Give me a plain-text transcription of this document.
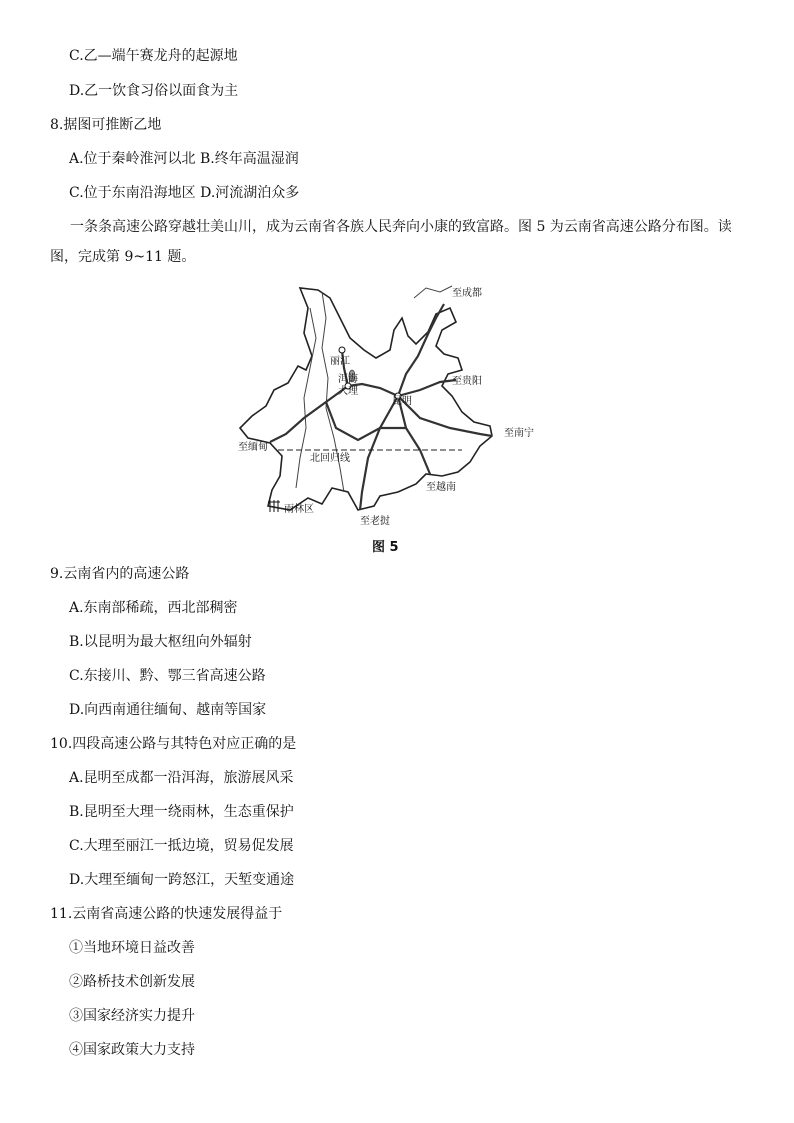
C.乙—端午赛龙舟的起源地
D.乙一饮食习俗以面食为主
8.据图可推断乙地
A.位于秦岭淮河以北 B.终年高温湿润
C.位于东南沿海地区 D.河流湖泊众多
一条条高速公路穿越壮美山川，成为云南省各族人民奔向小康的致富路。图 5 为云南省高速公路分布图。读图，完成第 9~11 题。
至成都
至贵阳
至南宁
至缅甸
至越南
至老挝
昆明
大理
洱海
丽江
北回归线
雨林区
图 5
9.云南省内的高速公路
A.东南部稀疏，西北部稠密
B.以昆明为最大枢纽向外辐射
C.东接川、黔、鄂三省高速公路
D.向西南通往缅甸、越南等国家
10.四段高速公路与其特色对应正确的是
A.昆明至成都一沿洱海，旅游展风采
B.昆明至大理一绕雨林，生态重保护
C.大理至丽江一抵边境，贸易促发展
D.大理至缅甸一跨怒江，天堑变通途
11.云南省高速公路的快速发展得益于
①当地环境日益改善
②路桥技术创新发展
③国家经济实力提升
④国家政策大力支持
